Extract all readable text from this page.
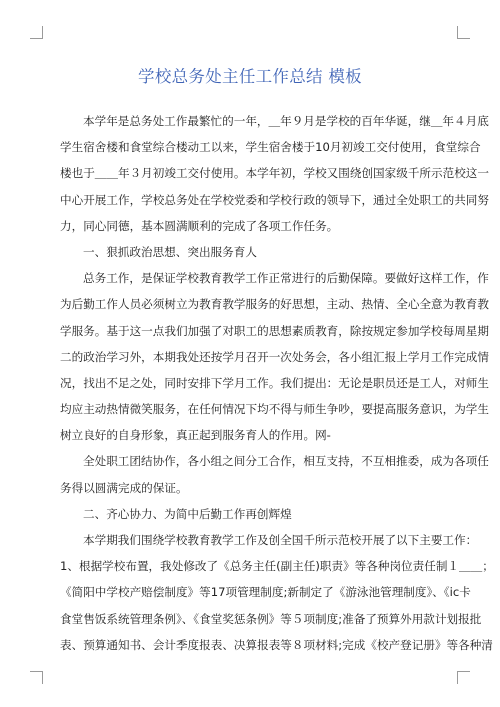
学校总务处主任工作总结 模板
本学年是总务处工作最繁忙的一年，＿年９月是学校的百年华诞，继＿年４月底
学生宿舍楼和食堂综合楼动工以来，学生宿舍楼于10月初竣工交付使用，食堂综合
楼也于＿＿年３月初竣工交付使用。本学年初，学校又围绕创国家级千所示范校这一
中心开展工作，学校总务处在学校党委和学校行政的领导下，通过全处职工的共同努
力，同心同德，基本圆满顺利的完成了各项工作任务。
一、狠抓政治思想、突出服务育人
总务工作，是保证学校教育教学工作正常进行的后勤保障。要做好这样工作，作
为后勤工作人员必须树立为教育教学服务的好思想，主动、热情、全心全意为教育教
学服务。基于这一点我们加强了对职工的思想素质教育，除按规定参加学校每周星期
二的政治学习外，本期我处还按学月召开一次处务会，各小组汇报上学月工作完成情
况，找出不足之处，同时安排下学月工作。我们提出：无论是职员还是工人，对师生
均应主动热情微笑服务，在任何情况下均不得与师生争吵，要提高服务意识，为学生
树立良好的自身形象，真正起到服务育人的作用。网-
全处职工团结协作，各小组之间分工合作，相互支持，不互相推委，成为各项任
务得以圆满完成的保证。
二、齐心协力、为简中后勤工作再创辉煌
本学期我们围绕学校教育教学工作及创全国千所示范校开展了以下主要工作：
1、根据学校布置，我处修改了《总务主任(副主任)职责》等各种岗位责任制１＿＿；
《简阳中学校产赔偿制度》等17项管理制度;新制定了《游泳池管理制度》、《ic卡
食堂售饭系统管理条例》、《食堂奖惩条例》等５项制度;准备了预算外用款计划报批
表、预算通知书、会计季度报表、决算报表等８项材料;完成《校产登记册》等各种清
